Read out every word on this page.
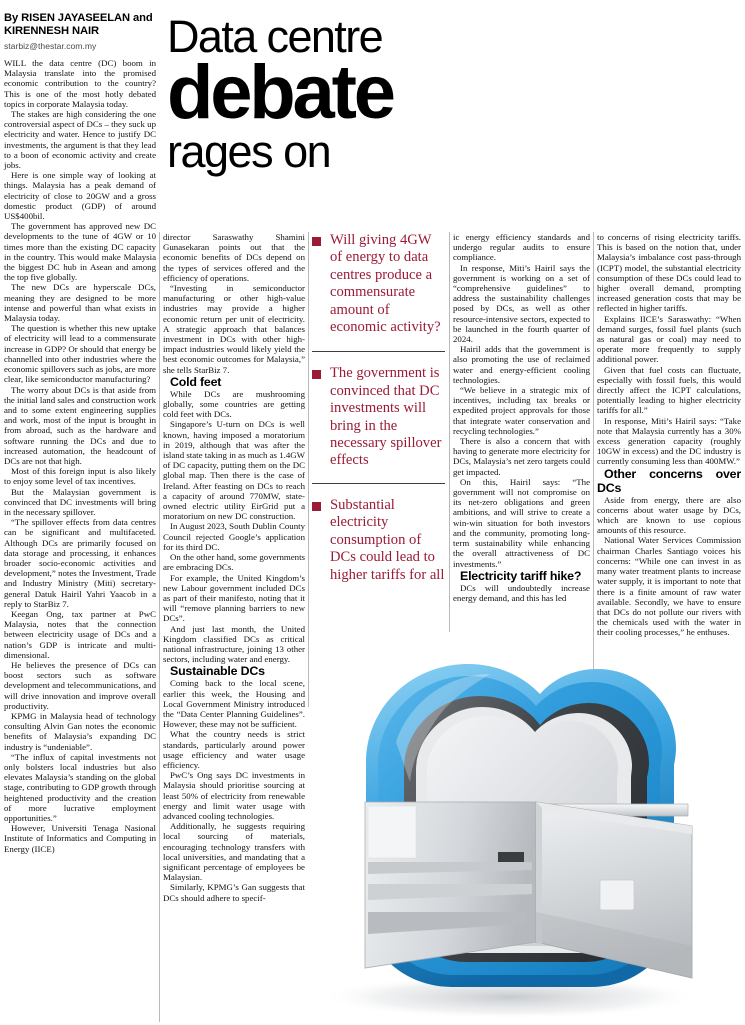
By RISEN JAYASEELAN and KIRENNESH NAIR
starbiz@thestar.com.my	Data centre
debate
rages on

WILL the data centre (DC) boom in Malaysia translate into the promised economic contribution to the country? This is one of the most hotly debated topics in corporate Malaysia today.

The stakes are high considering the one controversial aspect of DCs – they suck up electricity and water. Hence to justify DC investments, the argument is that they lead to a boon of economic activity and create jobs.

Here is one simple way of looking at things. Malaysia has a peak demand of electricity of close to 20GW and a gross domestic product (GDP) of around US$400bil.

The government has approved new DC developments to the tune of 4GW or 10 times more than the existing DC capacity in the country. This would make Malaysia the biggest DC hub in Asean and among the top five globally.

The new DCs are hyperscale DCs, meaning they are designed to be more intense and powerful than what exists in Malaysia today.

The question is whether this new uptake of electricity will lead to a commensurate increase in GDP? Or should that energy be channelled into other industries where the economic spillovers such as jobs, are more clear, like semiconductor manufacturing?

The worry about DCs is that aside from the initial land sales and construction work and to some extent engineering supplies and work, most of the input is brought in from abroad, such as the hardware and software running the DCs and due to increased automation, the headcount of DCs are not that high.

Most of this foreign input is also likely to enjoy some level of tax incentives.

But the Malaysian government is convinced that DC investments will bring in the necessary spillover.

“The spillover effects from data centres can be significant and multifaceted. Although DCs are primarily focused on data storage and processing, it enhances broader socio-economic activities and development,” notes the Investment, Trade and Industry Ministry (Miti) secretary-general Datuk Hairil Yahri Yaacob in a reply to StarBiz 7.

Keegan Ong, tax partner at PwC Malaysia, notes that the connection between electricity usage of DCs and a nation’s GDP is intricate and multi-dimensional.

He believes the presence of DCs can boost sectors such as software development and telecommunications, and will drive innovation and improve overall productivity.

KPMG in Malaysia head of technology consulting Alvin Gan notes the economic benefits of Malaysia’s expanding DC industry is “undeniable”.

“The influx of capital investments not only bolsters local industries but also elevates Malaysia’s standing on the global stage, contributing to GDP growth through heightened productivity and the creation of more lucrative employment opportunities.”

However, Universiti Tenaga Nasional Institute of Informatics and Computing in Energy (IICE)

director Saraswathy Shamini Gunasekaran points out that the economic benefits of DCs depend on the types of services offered and the efficiency of operations.

“Investing in semiconductor manufacturing or other high-value industries may provide a higher economic return per unit of electricity. A strategic approach that balances investment in DCs with other high-impact industries would likely yield the best economic outcomes for Malaysia,” she tells StarBiz 7.

Cold feet

While DCs are mushrooming globally, some countries are getting cold feet with DCs.

Singapore’s U-turn on DCs is well known, having imposed a moratorium in 2019, although that was after the island state taking in as much as 1.4GW of DC capacity, putting them on the DC global map. Then there is the case of Ireland. After feasting on DCs to reach a capacity of around 770MW, state-owned electric utility EirGrid put a moratorium on new DC construction.

In August 2023, South Dublin County Council rejected Google’s application for its third DC.

On the other hand, some governments are embracing DCs.

For example, the United Kingdom’s new Labour government included DCs as part of their manifesto, noting that it will “remove planning barriers to new DCs”.

And just last month, the United Kingdom classified DCs as critical national infrastructure, joining 13 other sectors, including water and energy.

Sustainable DCs

Coming back to the local scene, earlier this week, the Housing and Local Government Ministry introduced the “Data Center Planning Guidelines”. However, these may not be sufficient.

What the country needs is strict standards, particularly around power usage efficiency and water usage efficiency.

PwC’s Ong says DC investments in Malaysia should prioritise sourcing at least 50% of electricity from renewable energy and limit water usage with advanced cooling technologies.

Additionally, he suggests requiring local sourcing of materials, encouraging technology transfers with local universities, and mandating that a significant percentage of employees be Malaysian.

Similarly, KPMG’s Gan suggests that DCs should adhere to specif-

Will giving 4GW of energy to data centres produce a commensurate amount of economic activity?
The government is convinced that DC investments will bring in the necessary spillover effects
Substantial electricity consumption of DCs could lead to higher tariffs for all

ic energy efficiency standards and undergo regular audits to ensure compliance.

In response, Miti’s Hairil says the government is working on a set of “comprehensive guidelines” to address the sustainability challenges posed by DCs, as well as other resource-intensive sectors, expected to be launched in the fourth quarter of 2024.

Hairil adds that the government is also promoting the use of reclaimed water and energy-efficient cooling technologies.

“We believe in a strategic mix of incentives, including tax breaks or expedited project approvals for those that integrate water conservation and recycling technologies.”

There is also a concern that with having to generate more electricity for DCs, Malaysia’s net zero targets could get impacted.

On this, Hairil says: “The government will not compromise on its net-zero obligations and green ambitions, and will strive to create a win-win situation for both investors and the community, promoting long-term sustainability while enhancing the overall attractiveness of DC investments.”

Electricity tariff hike?

DCs will undoubtedly increase energy demand, and this has led

to concerns of rising electricity tariffs. This is based on the notion that, under Malaysia’s imbalance cost pass-through (ICPT) model, the substantial electricity consumption of these DCs could lead to higher overall demand, prompting increased generation costs that may be reflected in higher tariffs.

Explains IICE’s Saraswathy: “When demand surges, fossil fuel plants (such as natural gas or coal) may need to operate more frequently to supply additional power.

Given that fuel costs can fluctuate, especially with fossil fuels, this would directly affect the ICPT calculations, potentially leading to higher electricity tariffs for all.”

In response, Miti’s Hairil says: “Take note that Malaysia currently has a 30% excess generation capacity (roughly 10GW in excess) and the DC industry is currently consuming less than 400MW.”

Other concerns over DCs

Aside from energy, there are also concerns about water usage by DCs, which are known to use copious amounts of this resource.

National Water Services Commission chairman Charles Santiago voices his concerns: “While one can invest in as many water treatment plants to increase water supply, it is important to note that there is a finite amount of raw water available. Secondly, we have to ensure that DCs do not pollute our rivers with the chemicals used with the water in their cooling processes,” he enthuses.
